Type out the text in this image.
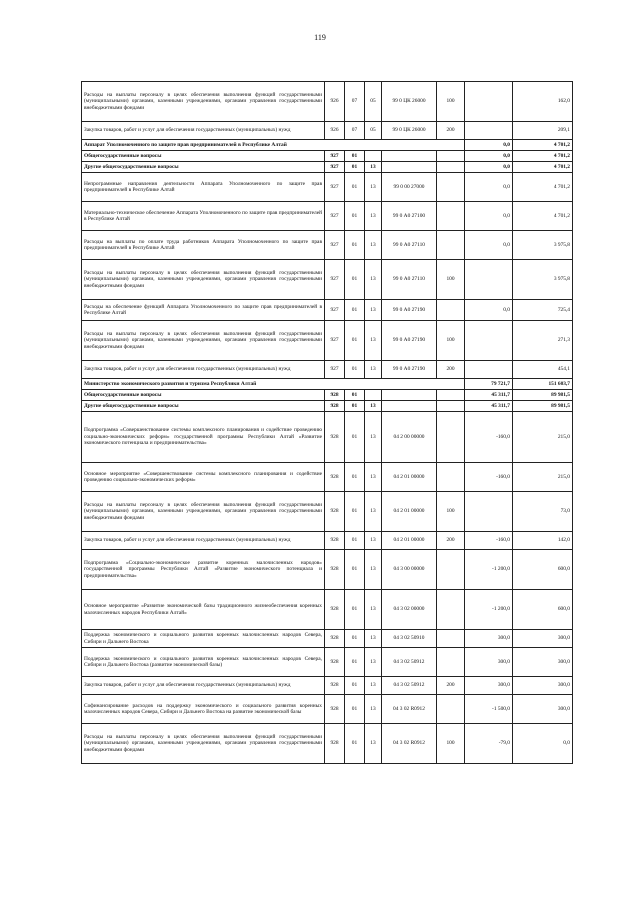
119
Расходы на выплаты персоналу в целях обеспечения выполнения функций государственными (муниципальными) органами, казенными учреждениями, органами управления государственными внебюджетными фондами	926	07	05	99 0 ЦК 26000	100		162,0
Закупка товаров, работ и услуг для обеспечения государственных (муниципальных) нужд	926	07	05	99 0 ЦК 26000	200		209,1
Аппарат Уполномоченного по защите прав предпринимателей в Республике Алтай						0,0	4 701,2
Общегосударственные вопросы	927	01				0,0	4 701,2
Другие общегосударственные вопросы	927	01	13			0,0	4 701,2
Непрограммные направления деятельности Аппарата Уполномоченного по защите прав предпринимателей в Республике Алтай	927	01	13	99 0 00 27000		0,0	4 701,2
Материально-техническое обеспечение Аппарата Уполномоченного по защите прав предпринимателей в Республике Алтай	927	01	13	99 0 А0 27100		0,0	4 701,2
Расходы на выплаты по оплате труда работников Аппарата Уполномоченного по защите прав предпринимателей в Республике Алтай	927	01	13	99 0 А0 27110		0,0	3 975,8
Расходы на выплаты персоналу в целях обеспечения выполнения функций государственными (муниципальными) органами, казенными учреждениями, органами управления государственными внебюджетными фондами	927	01	13	99 0 А0 27110	100		3 975,8
Расходы на обеспечение функций Аппарата Уполномоченного по защите прав предпринимателей в Республике Алтай	927	01	13	99 0 А0 27190		0,0	725,4
Расходы на выплаты персоналу в целях обеспечения выполнения функций государственными (муниципальными) органами, казенными учреждениями, органами управления государственными внебюджетными фондами	927	01	13	99 0 А0 27190	100		271,3
Закупка товаров, работ и услуг для обеспечения государственных (муниципальных) нужд	927	01	13	99 0 А0 27190	200		454,1
Министерство экономического развития и туризма Республики Алтай						79 721,7	151 603,7
Общегосударственные вопросы	928	01				45 311,7	89 981,5
Другие общегосударственные вопросы	928	01	13			45 311,7	89 981,5
Подпрограмма «Совершенствование системы комплексного планирования и содействие проведению социально-экономических реформ» государственной программы Республики Алтай «Развитие экономического потенциала и предпринимательства»	928	01	13	04 2 00 00000		-160,0	215,0
Основное мероприятие «Совершенствование системы комплексного планирования и содействие проведению социально-экономических реформ»	928	01	13	04 2 01 00000		-160,0	215,0
Расходы на выплаты персоналу в целях обеспечения выполнения функций государственными (муниципальными) органами, казенными учреждениями, органами управления государственными внебюджетными фондами	928	01	13	04 2 01 00000	100		73,0
Закупка товаров, работ и услуг для обеспечения государственных (муниципальных) нужд	928	01	13	04 2 01 00000	200	-160,0	142,0
Подпрограмма «Социально-экономическое развитие коренных малочисленных народов» государственной программы Республики Алтай «Развитие экономического потенциала и предпринимательства»	928	01	13	04 3 00 00000		-1 200,0	600,0
Основное мероприятие «Развитие экономической базы традиционного жизнеобеспечения коренных малочисленных народов Республики Алтай»	928	01	13	04 3 02 00000		-1 200,0	600,0
Поддержка экономического и социального развития коренных малочисленных народов Севера, Сибири и Дальнего Востока	928	01	13	04 3 02 50910		300,0	300,0
Поддержка экономического и социального развития коренных малочисленных народов Севера, Сибири и Дальнего Востока (развитие экономической базы)	928	01	13	04 3 02 50912		300,0	300,0
Закупка товаров, работ и услуг для обеспечения государственных (муниципальных) нужд	928	01	13	04 3 02 50912	200	300,0	300,0
Софинансирование расходов на поддержку экономического и социального развития коренных малочисленных народов Севера, Сибири и Дальнего Востока на развитие экономической базы	928	01	13	04 3 02 R0912		-1 500,0	300,0
Расходы на выплаты персоналу в целях обеспечения выполнения функций государственными (муниципальными) органами, казенными учреждениями, органами управления государственными внебюджетными фондами	928	01	13	04 3 02 R0912	100	-79,0	0,0
